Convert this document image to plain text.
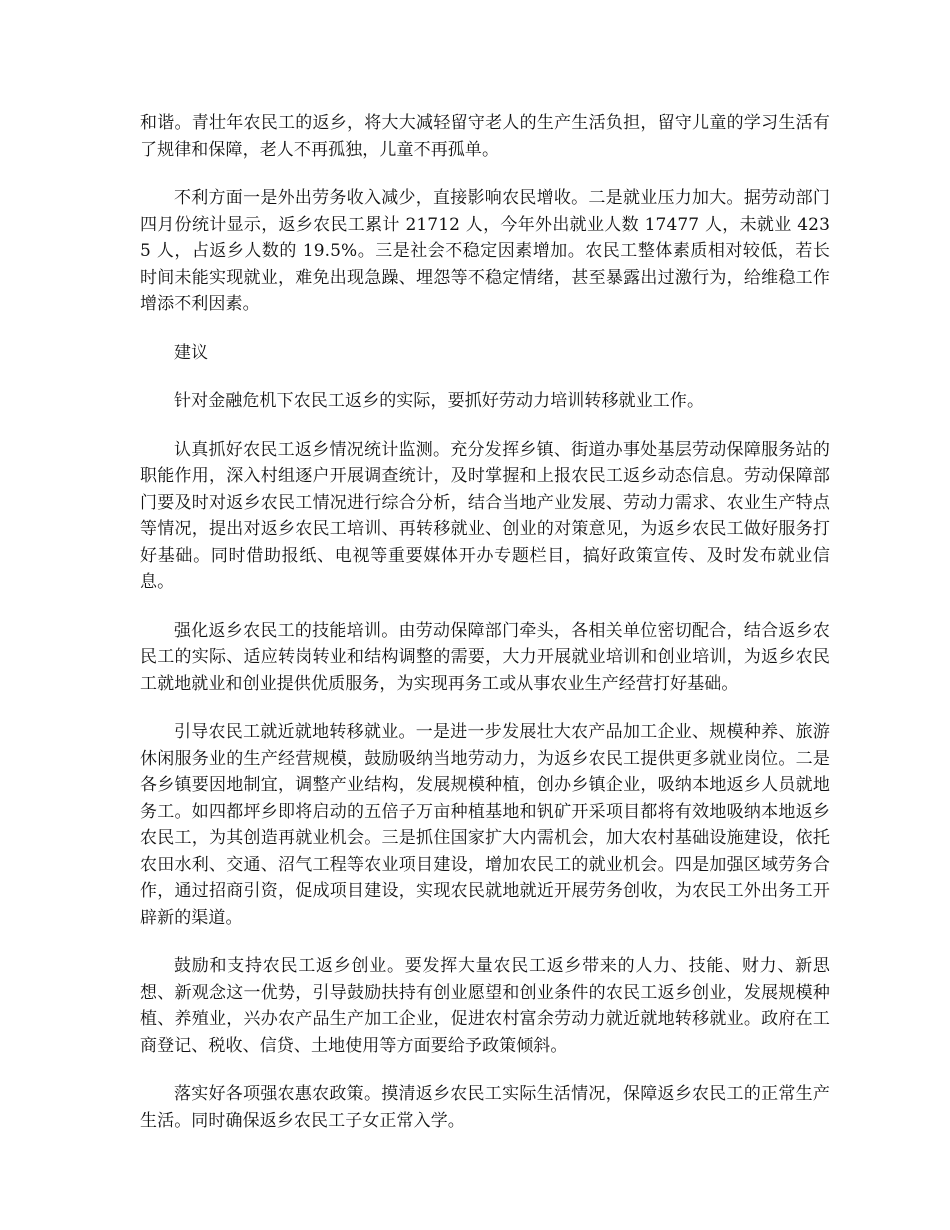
和谐。青壮年农民工的返乡，将大大减轻留守老人的生产生活负担，留守儿童的学习生活有了规律和保障，老人不再孤独，儿童不再孤单。

不利方面一是外出劳务收入减少，直接影响农民增收。二是就业压力加大。据劳动部门四月份统计显示，返乡农民工累计 21712 人，今年外出就业人数 17477 人，未就业 4235 人，占返乡人数的 19.5%。三是社会不稳定因素增加。农民工整体素质相对较低，若长时间未能实现就业，难免出现急躁、埋怨等不稳定情绪，甚至暴露出过激行为，给维稳工作增添不利因素。

建议

针对金融危机下农民工返乡的实际，要抓好劳动力培训转移就业工作。

认真抓好农民工返乡情况统计监测。充分发挥乡镇、街道办事处基层劳动保障服务站的职能作用，深入村组逐户开展调查统计，及时掌握和上报农民工返乡动态信息。劳动保障部门要及时对返乡农民工情况进行综合分析，结合当地产业发展、劳动力需求、农业生产特点等情况，提出对返乡农民工培训、再转移就业、创业的对策意见，为返乡农民工做好服务打好基础。同时借助报纸、电视等重要媒体开办专题栏目，搞好政策宣传、及时发布就业信息。

强化返乡农民工的技能培训。由劳动保障部门牵头，各相关单位密切配合，结合返乡农民工的实际、适应转岗转业和结构调整的需要，大力开展就业培训和创业培训，为返乡农民工就地就业和创业提供优质服务，为实现再务工或从事农业生产经营打好基础。

引导农民工就近就地转移就业。一是进一步发展壮大农产品加工企业、规模种养、旅游休闲服务业的生产经营规模，鼓励吸纳当地劳动力，为返乡农民工提供更多就业岗位。二是各乡镇要因地制宜，调整产业结构，发展规模种植，创办乡镇企业，吸纳本地返乡人员就地务工。如四都坪乡即将启动的五倍子万亩种植基地和钒矿开采项目都将有效地吸纳本地返乡农民工，为其创造再就业机会。三是抓住国家扩大内需机会，加大农村基础设施建设，依托农田水利、交通、沼气工程等农业项目建设，增加农民工的就业机会。四是加强区域劳务合作，通过招商引资，促成项目建设，实现农民就地就近开展劳务创收，为农民工外出务工开辟新的渠道。

鼓励和支持农民工返乡创业。要发挥大量农民工返乡带来的人力、技能、财力、新思想、新观念这一优势，引导鼓励扶持有创业愿望和创业条件的农民工返乡创业，发展规模种植、养殖业，兴办农产品生产加工企业，促进农村富余劳动力就近就地转移就业。政府在工商登记、税收、信贷、土地使用等方面要给予政策倾斜。

落实好各项强农惠农政策。摸清返乡农民工实际生活情况，保障返乡农民工的正常生产生活。同时确保返乡农民工子女正常入学。
